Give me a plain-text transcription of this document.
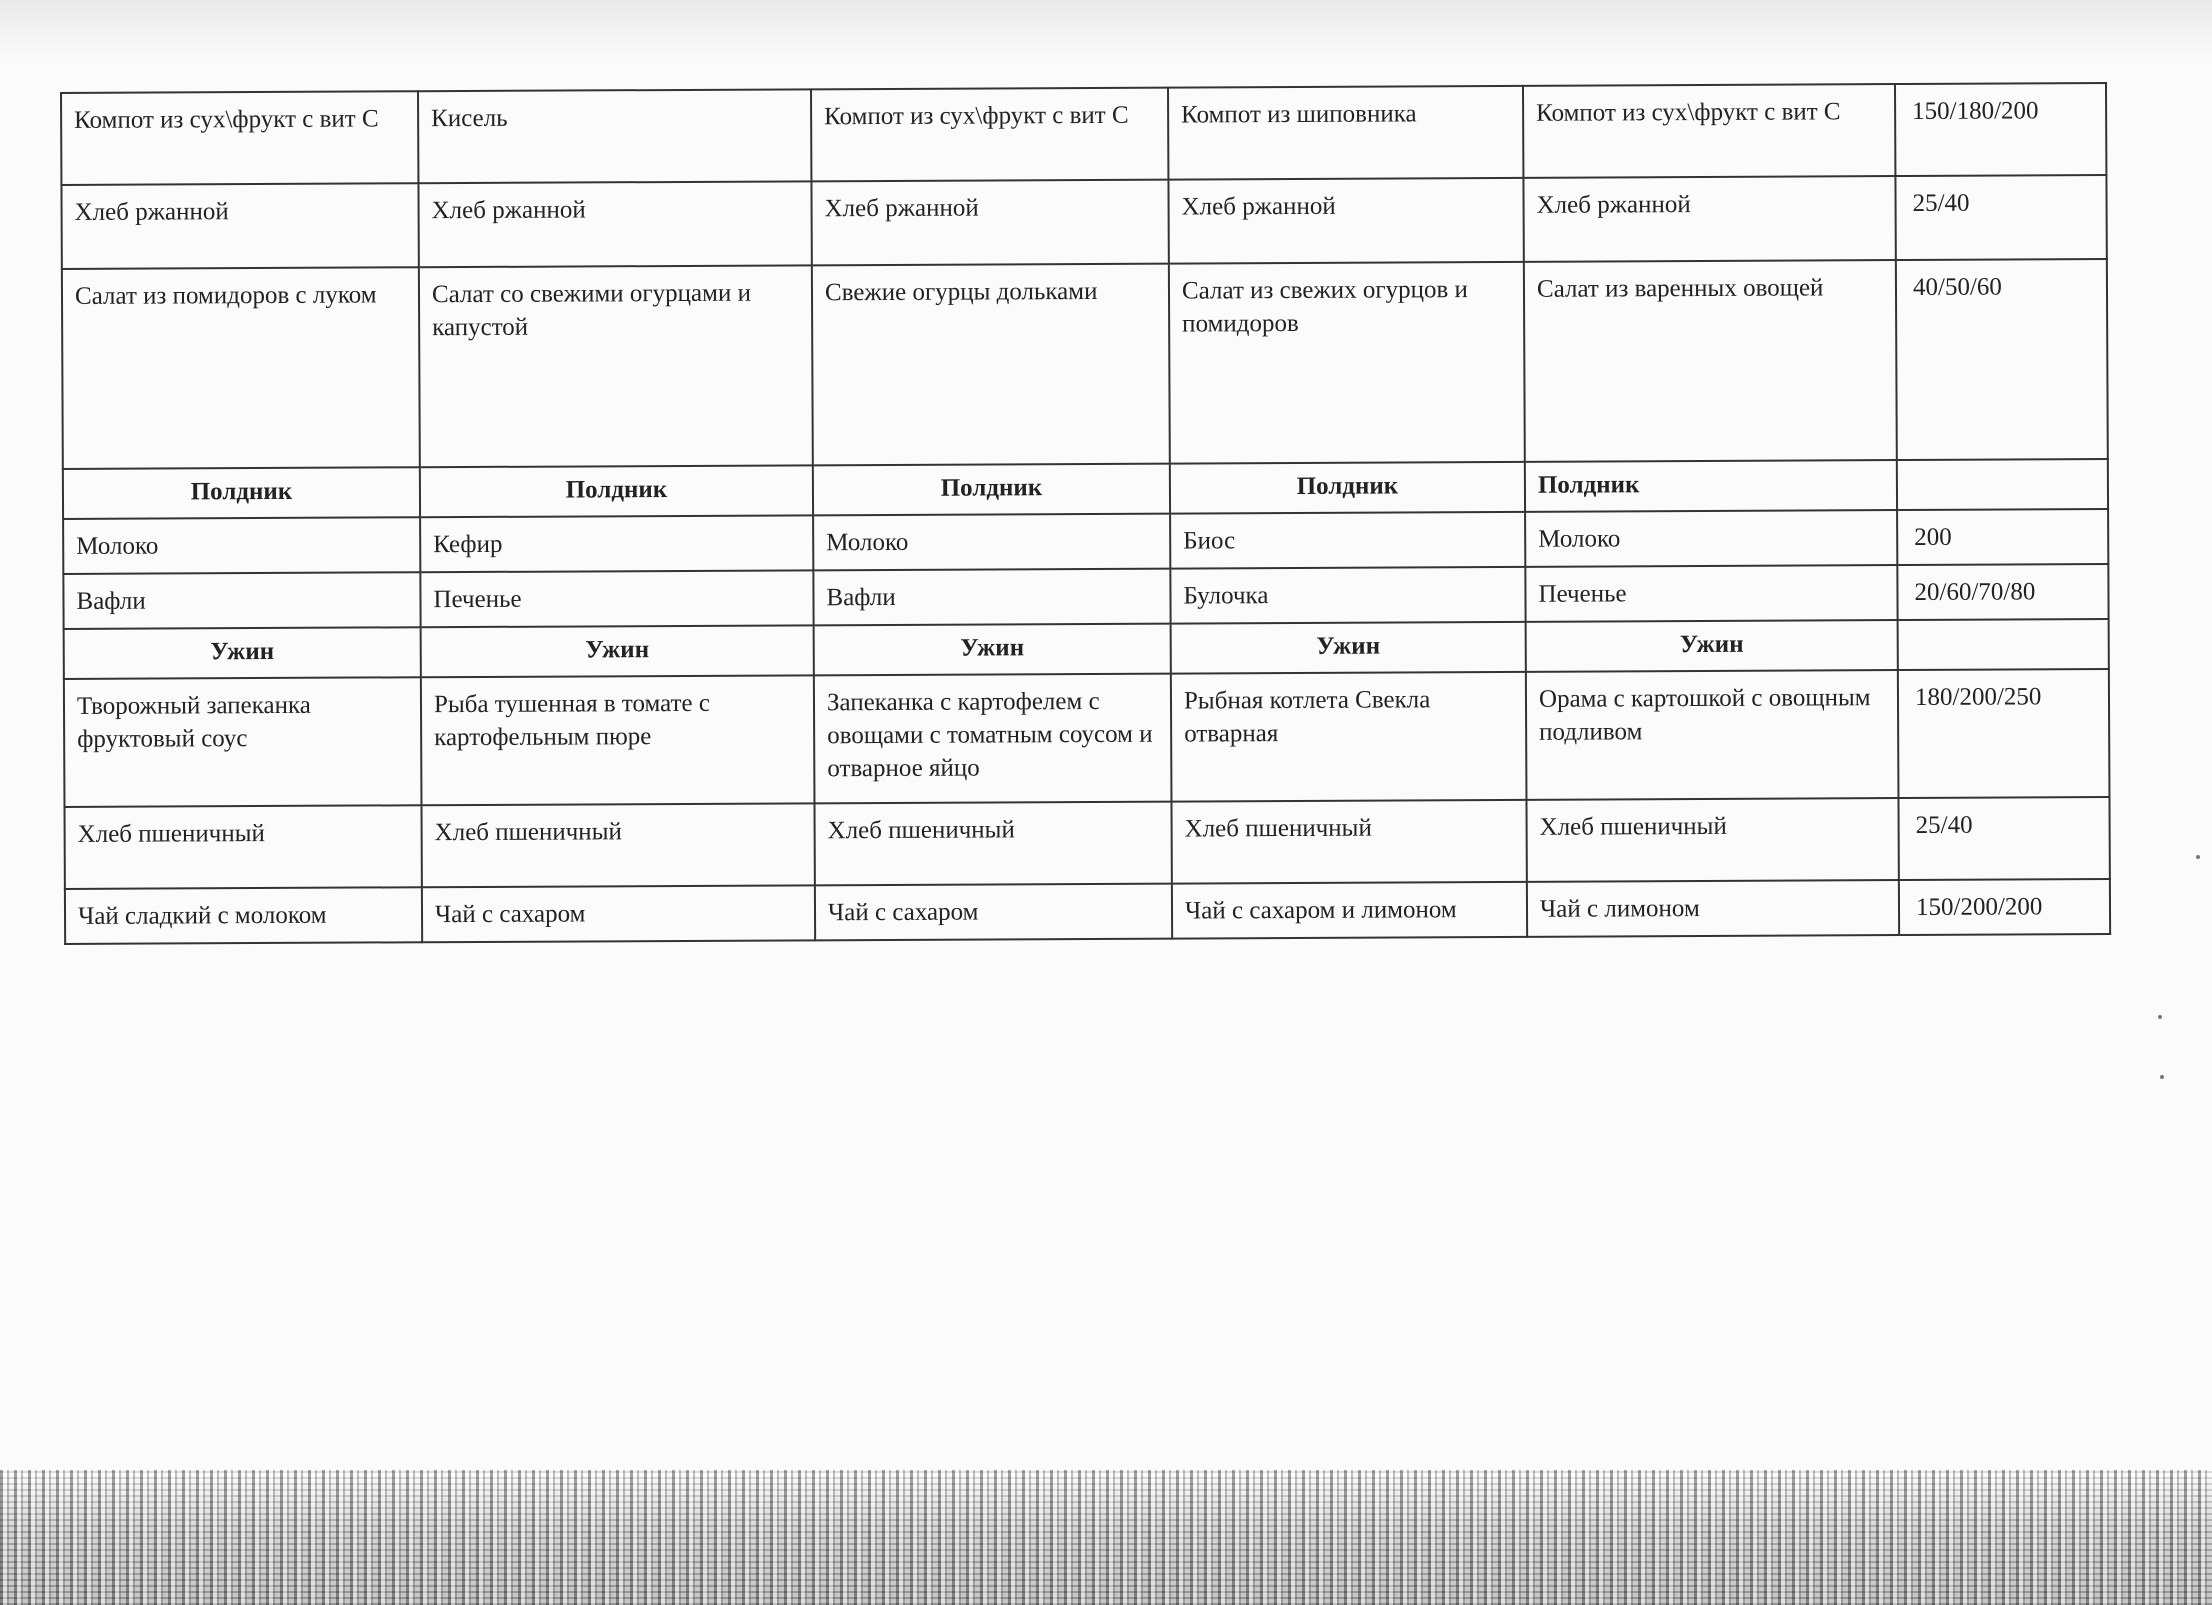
Компот из сух\фрукт с вит С	Кисель	Компот из сух\фрукт с вит С	Компот из шиповника	Компот из сух\фрукт с вит С	150/180/200
Хлеб ржанной	Хлеб ржанной	Хлеб ржанной	Хлеб ржанной	Хлеб ржанной	25/40
Салат из помидоров с луком	Салат со свежими огурцами и капустой	Свежие огурцы дольками	Салат из свежих огурцов и помидоров	Салат из варенных овощей	40/50/60
Полдник	Полдник	Полдник	Полдник	Полдник	
Молоко	Кефир	Молоко	Биос	Молоко	200
Вафли	Печенье	Вафли	Булочка	Печенье	20/60/70/80
Ужин	Ужин	Ужин	Ужин	Ужин	
Творожный запеканка фруктовый соус	Рыба тушенная в томате с картофельным пюре	Запеканка с картофелем с овощами с томатным соусом и отварное яйцо	Рыбная котлета Свекла отварная	Орама с картошкой с овощным подливом	180/200/250
Хлеб пшеничный	Хлеб пшеничный	Хлеб пшеничный	Хлеб пшеничный	Хлеб пшеничный	25/40
Чай сладкий с молоком	Чай с сахаром	Чай с сахаром	Чай с сахаром и лимоном	Чай с лимоном	150/200/200
